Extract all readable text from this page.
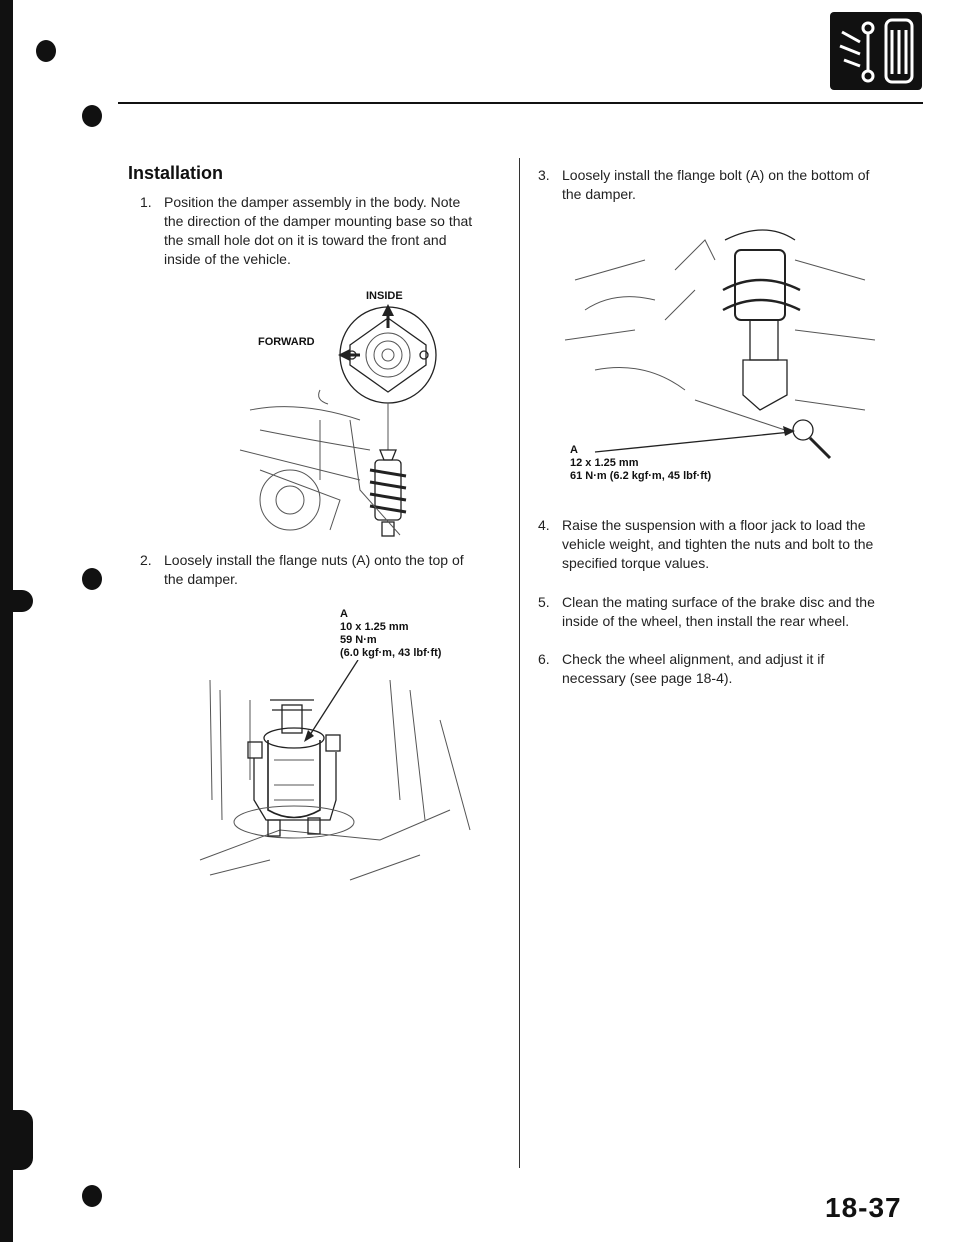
Installation
1. Position the damper assembly in the body. Note
the direction of the damper mounting base so that
the small hole dot on it is toward the front and
inside of the vehicle.
INSIDE
FORWARD
2. Loosely install the flange nuts (A) onto the top of
the damper.
A
10 x 1.25 mm
59 N·m
(6.0 kgf·m, 43 lbf·ft)
3. Loosely install the flange bolt (A) on the bottom of
the damper.
A
12 x 1.25 mm
61 N·m (6.2 kgf·m, 45 lbf·ft)
4. Raise the suspension with a floor jack to load the
vehicle weight, and tighten the nuts and bolt to the
specified torque values.
5. Clean the mating surface of the brake disc and the
inside of the wheel, then install the rear wheel.
6. Check the wheel alignment, and adjust it if
necessary (see page 18-4).
18-37
